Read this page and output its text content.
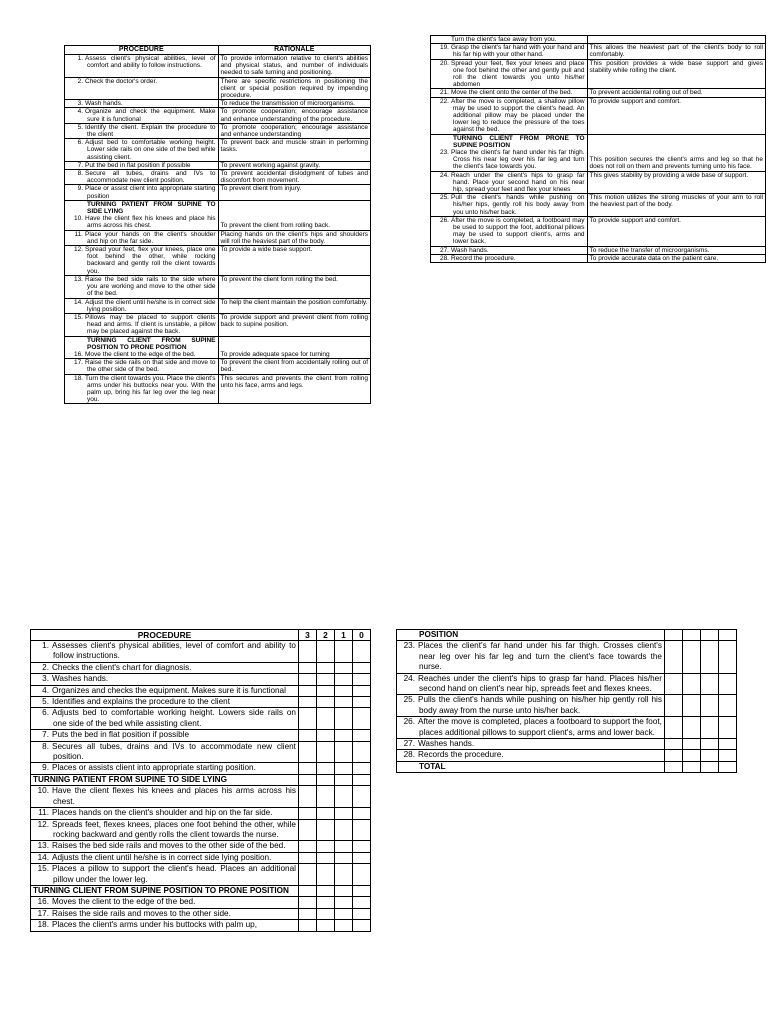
PROCEDURE	RATIONALE

1. Assess client's physical abilities, level of comfort and ability to follow instructions.	To provide information relative to client's abilities and physical status, and number of individuals needed to safe turning and positioning.

2. Check the doctor's order.	There are specific restrictions in positioning the client or special position required by impending procedure.

3. Wash hands.	To reduce the transmission of microorganisms.

4. Organize and check the equipment. Make sure it is functional	To promote cooperation; encourage assistance and enhance understanding of the procedure.

5. Identify the client. Explain the procedure to the client	To promote cooperation; encourage assistance and enhance understanding

6. Adjust bed to comfortable working height. Lower side rails on one side of the bed while assisting client.	To prevent back and muscle strain in performing tasks.

7. Put the bed in flat position if possible	To prevent working against gravity.

8. Secure all tubes, drains and IVs to accommodate new client position.	To prevent accidental dislodgment of tubes and discomfort from movement.

9. Place or assist client into appropriate starting position	To prevent client from injury.

TURNING PATIENT FROM SUPINE TO SIDE LYING
10. Have the client flex his knees and place his arms across his chest.	To prevent the client from rolling back.

11. Place your hands on the client's shoulder and hip on the far side.	Placing hands on the client's hips and shoulders will roll the heaviest part of the body.

12. Spread your feet, flex your knees, place one foot behind the other, while rocking backward and gently roll the client towards you.	To provide a wide base support.

13. Raise the bed side rails to the side where you are working and move to the other side of the bed.	To prevent the client form rolling the bed.

14. Adjust the client until he/she is in correct side lying position.	To help the client maintain the position comfortably.

15. Pillows may be placed to support clients head and arms. If client is unstable, a pillow may be placed against the back.	To provide support and prevent client from rolling back to supine position.

TURNING CLIENT FROM SUPINE POSITION TO PRONE POSITION
16. Move the client to the edge of the bed.	To provide adequate space for turning

17. Raise the side rails on that side and move to the other side of the bed.	To prevent the client from accidentally rolling out of bed.

18. Turn the client towards you. Place the client's arms under his buttocks near you. With the palm up, bring his far leg over the leg near you.	This secures and prevents the client from rolling unto his face, arms and legs.
Turn the client's face away from you.	

19. Grasp the client's far hand with your hand and his far hip with your other hand.	This allows the heaviest part of the client's body to roll comfortably.

20. Spread your feet, flex your knees and place one foot behind the other and gently pull and roll the client towards you unto his/her abdomen	This position provides a wide base support and gives stability while rolling the client.

21. Move the client onto the center of the bed.	To prevent accidental rolling out of bed.

22. After the move is completed, a shallow pillow may be used to support the client's head. An additional pillow may be placed under the lower leg to reduce the pressure of the toes against the bed.	To provide support and comfort.

TURNING CLIENT FROM PRONE TO SUPINE POSITION
23. Place the client's far hand under his far thigh. Cross his near leg over his far leg and turn the client's face towards you.	This position secures the client's arms and leg so that he does not roll on them and prevents turning unto his face.

24. Reach under the client's hips to grasp far hand. Place your second hand on his near hip, spread your feet and flex your knees	This gives stability by providing a wide base of support.

25. Pull the client's hands while pushing on his/her hips, gently roll his body away from you unto his/her back.	This motion utilizes the strong muscles of your arm to roll the heaviest part of the body.

26. After the move is completed, a footboard may be used to support the foot, additional pillows may be used to support client's, arms and lower back.	To provide support and comfort.

27. Wash hands.	To reduce the transfer of microorganisms.

28. Record the procedure.	To provide accurate data on the patient care.
PROCEDURE	3	2	1	0

1. Assesses client's physical abilities, level of comfort and ability to follow instructions.				

2. Checks the client's chart for diagnosis.				

3. Washes hands.				

4. Organizes and checks the equipment. Makes sure it is functional				

5. Identifies and explains the procedure to the client				

6. Adjusts bed to comfortable working height. Lowers side rails on one side of the bed while assisting client.				

7. Puts the bed in flat position if possible				

8. Secures all tubes, drains and IVs to accommodate new client position.				

9. Places or assists client into appropriate starting position.				

TURNING PATIENT FROM SUPINE TO SIDE LYING				

10. Have the client flexes his knees and places his arms across his chest.				

11. Places hands on the client's shoulder and hip on the far side.				

12. Spreads feet, flexes knees, places one foot behind the other, while rocking backward and gently rolls the client towards the nurse.				

13. Raises the bed side rails and moves to the other side of the bed.				

14. Adjusts the client until he/she is in correct side lying position.				

15. Places a pillow to support the client's head. Places an additional pillow under the lower leg.				

TURNING CLIENT FROM SUPINE POSITION TO PRONE POSITION				

16. Moves the client to the edge of the bed.				

17. Raises the side rails and moves to the other side.				

18. Places the client's arms under his buttocks with palm up,				

POSITION				

23. Places the client's far hand under his far thigh. Crosses client's near leg over his far leg and turn the client's face towards the nurse.				

24. Reaches under the client's hips to grasp far hand. Places his/her second hand on client's near hip, spreads feet and flexes knees.				

25. Pulls the client's hands while pushing on his/her hip gently roll his body away from the nurse unto his/her back.				

26. After the move is completed, places a footboard to support the foot, places additional pillows to support client's, arms and lower back.				

27. Washes hands.				

28. Records the procedure.				

TOTAL				
